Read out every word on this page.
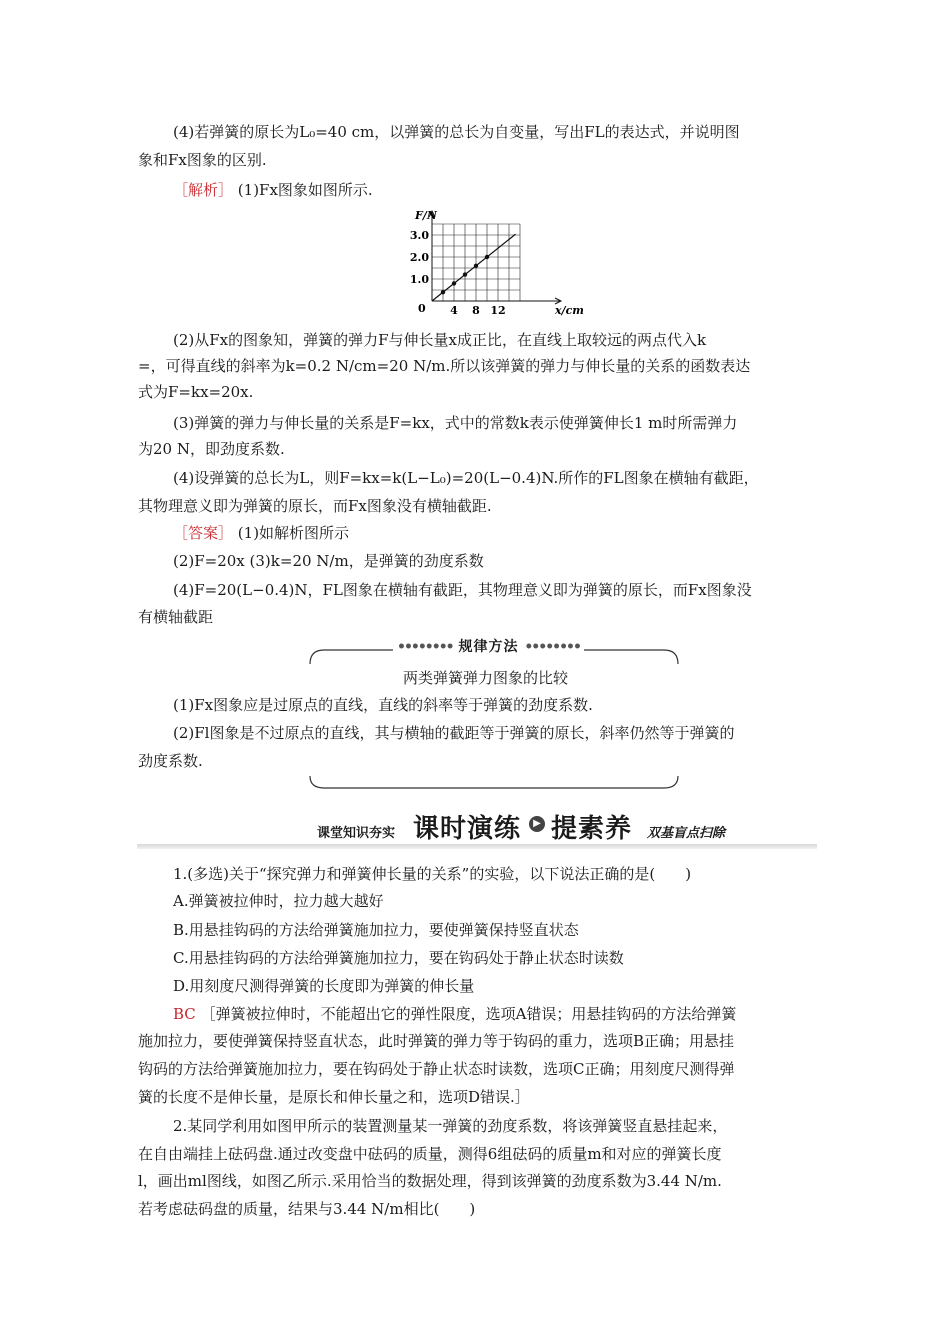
(4)若弹簧的原长为L₀=40 cm，以弹簧的总长为自变量，写出FL的表达式，并说明图
象和Fx图象的区别.
［解析］ (1)Fx图象如图所示.
4 8 12
1.0
2.0
3.0
F/N
x/cm
0
(2)从Fx的图象知，弹簧的弹力F与伸长量x成正比，在直线上取较远的两点代入k
=，可得直线的斜率为k=0.2 N/cm=20 N/m.所以该弹簧的弹力与伸长量的关系的函数表达
式为F=kx=20x.
(3)弹簧的弹力与伸长量的关系是F=kx，式中的常数k表示使弹簧伸长1 m时所需弹力
为20 N，即劲度系数.
(4)设弹簧的总长为L，则F=kx=k(L−L₀)=20(L−0.4)N.所作的FL图象在横轴有截距，
其物理意义即为弹簧的原长，而Fx图象没有横轴截距.
［答案］ (1)如解析图所示
(2)F=20x (3)k=20 N/m，是弹簧的劲度系数
(4)F=20(L−0.4)N，FL图象在横轴有截距，其物理意义即为弹簧的原长，而Fx图象没
有横轴截距
•••••••• 规律方法 ••••••••
两类弹簧弹力图象的比较
(1)Fx图象应是过原点的直线，直线的斜率等于弹簧的劲度系数.
(2)Fl图象是不过原点的直线，其与横轴的截距等于弹簧的原长，斜率仍然等于弹簧的
劲度系数.
课堂知识夯实 课时演练	▶ 提素养 双基盲点扫除
1.(多选)关于“探究弹力和弹簧伸长量的关系”的实验，以下说法正确的是(　　)
A.弹簧被拉伸时，拉力越大越好
B.用悬挂钩码的方法给弹簧施加拉力，要使弹簧保持竖直状态
C.用悬挂钩码的方法给弹簧施加拉力，要在钩码处于静止状态时读数
D.用刻度尺测得弹簧的长度即为弹簧的伸长量
BC ［弹簧被拉伸时，不能超出它的弹性限度，选项A错误；用悬挂钩码的方法给弹簧
施加拉力，要使弹簧保持竖直状态，此时弹簧的弹力等于钩码的重力，选项B正确；用悬挂
钩码的方法给弹簧施加拉力，要在钩码处于静止状态时读数，选项C正确；用刻度尺测得弹
簧的长度不是伸长量，是原长和伸长量之和，选项D错误.］
2.某同学利用如图甲所示的装置测量某一弹簧的劲度系数，将该弹簧竖直悬挂起来，
在自由端挂上砝码盘.通过改变盘中砝码的质量，测得6组砝码的质量m和对应的弹簧长度
l，画出ml图线，如图乙所示.采用恰当的数据处理，得到该弹簧的劲度系数为3.44 N/m.
若考虑砝码盘的质量，结果与3.44 N/m相比(　　)
